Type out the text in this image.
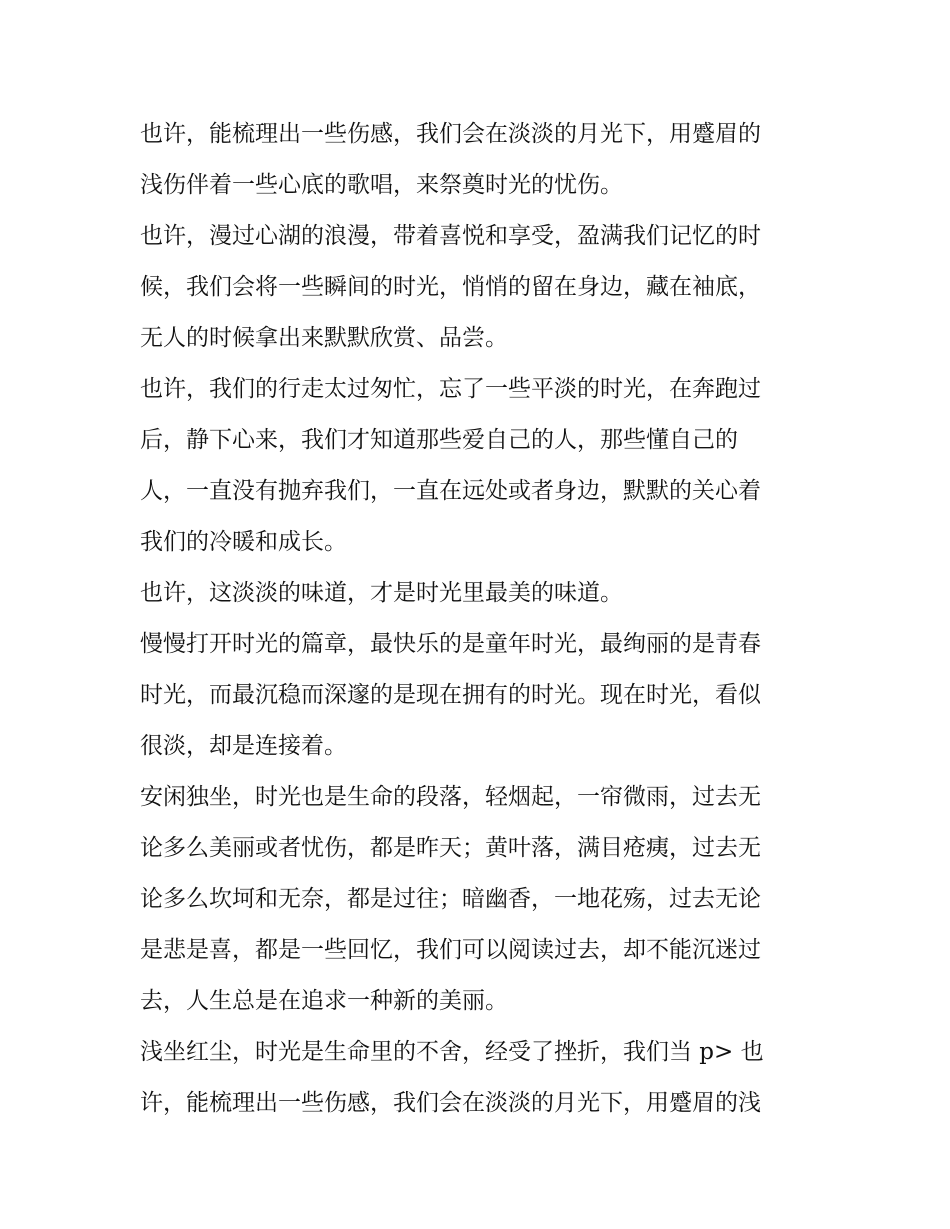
也许，能梳理出一些伤感，我们会在淡淡的月光下，用蹙眉的
浅伤伴着一些心底的歌唱，来祭奠时光的忧伤。
也许，漫过心湖的浪漫，带着喜悦和享受，盈满我们记忆的时
候，我们会将一些瞬间的时光，悄悄的留在身边，藏在袖底，
无人的时候拿出来默默欣赏、品尝。
也许，我们的行走太过匆忙，忘了一些平淡的时光，在奔跑过
后，静下心来，我们才知道那些爱自己的人，那些懂自己的
人，一直没有抛弃我们，一直在远处或者身边，默默的关心着
我们的冷暖和成长。
也许，这淡淡的味道，才是时光里最美的味道。
慢慢打开时光的篇章，最快乐的是童年时光，最绚丽的是青春
时光，而最沉稳而深邃的是现在拥有的时光。现在时光，看似
很淡，却是连接着。
安闲独坐，时光也是生命的段落，轻烟起，一帘微雨，过去无
论多么美丽或者忧伤，都是昨天；黄叶落，满目疮痍，过去无
论多么坎坷和无奈，都是过往；暗幽香，一地花殇，过去无论
是悲是喜，都是一些回忆，我们可以阅读过去，却不能沉迷过
去，人生总是在追求一种新的美丽。
浅坐红尘，时光是生命里的不舍，经受了挫折，我们当 p> 也
许，能梳理出一些伤感，我们会在淡淡的月光下，用蹙眉的浅
